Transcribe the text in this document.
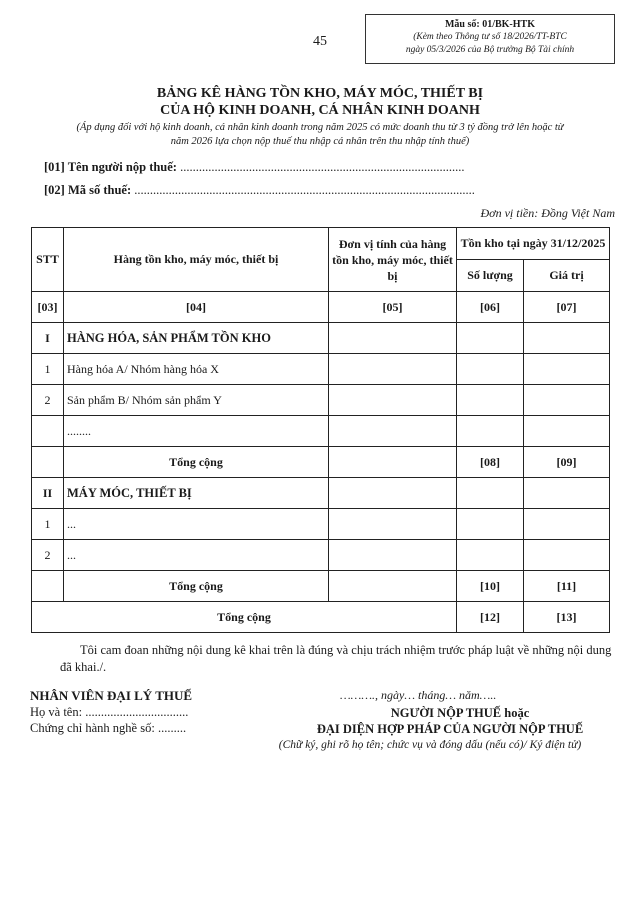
45
Mẫu số: 01/BK-HTK
(Kèm theo Thông tư số 18/2026/TT-BTC
ngày 05/3/2026 của Bộ trưởng Bộ Tài chính
BẢNG KÊ HÀNG TỒN KHO, MÁY MÓC, THIẾT BỊ
CỦA HỘ KINH DOANH, CÁ NHÂN KINH DOANH
(Áp dụng đối với hộ kinh doanh, cá nhân kinh doanh trong năm 2025 có mức doanh thu từ 3 tỷ đồng trở lên hoặc từ
năm 2026 lựa chọn nộp thuế thu nhập cá nhân trên thu nhập tính thuế)
[01] Tên người nộp thuế: ...........................................................................................
[02] Mã số thuế: .............................................................................................................
Đơn vị tiền: Đồng Việt Nam
STT	Hàng tồn kho, máy móc, thiết bị	Đơn vị tính của hàng tồn kho, máy móc, thiết bị	Tồn kho tại ngày 31/12/2025	
			Số lượng	Giá trị
[03]	[04]	[05]	[06]	[07]
I	HÀNG HÓA, SẢN PHẨM TỒN KHO			
1	Hàng hóa A/ Nhóm hàng hóa X			
2	Sản phẩm B/ Nhóm sản phẩm Y			
	........			
	Tổng cộng		[08]	[09]
II	MÁY MÓC, THIẾT BỊ			
1	...			
2	...			
	Tổng cộng		[10]	[11]
Tổng cộng			[12]	[13]
Tôi cam đoan những nội dung kê khai trên là đúng và chịu trách nhiệm trước pháp luật về những nội dung đã khai./.
NHÂN VIÊN ĐẠI LÝ THUẾ
Họ và tên: .................................
Chứng chỉ hành nghề số: .........
………., ngày… tháng… năm…..
NGƯỜI NỘP THUẾ hoặc
ĐẠI DIỆN HỢP PHÁP CỦA NGƯỜI NỘP THUẾ
(Chữ ký, ghi rõ họ tên; chức vụ và đóng dấu (nếu có)/ Ký điện tử)
